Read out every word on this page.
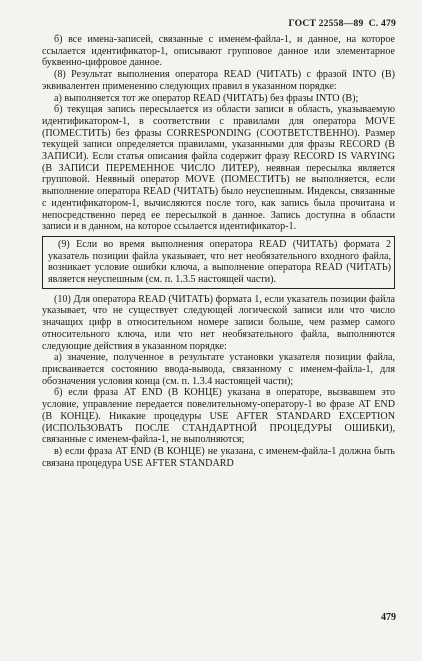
ГОСТ 22558—89 С. 479

б) все имена-записей, связанные с именем-файла-1, и данное, на которое ссылается идентификатор-1, описывают групповое данное или элементарное буквенно-цифровое данное.

(8) Результат выполнения оператора READ (ЧИТАТЬ) с фразой INTO (В) эквивалентен применению следующих правил в указанном порядке:

а) выполняется тот же оператор READ (ЧИТАТЬ) без фразы INTO (В);

б) текущая запись пересылается из области записи в область, указываемую идентификатором-1, в соответствии с правилами для оператора MOVE (ПОМЕСТИТЬ) без фразы CORRESPONDING (СООТВЕТСТВЕННО). Размер текущей записи определяется правилами, указанными для фразы RECORD (В ЗАПИСИ). Если статья описания файла содержит фразу RECORD IS VARYING (В ЗАПИСИ ПЕРЕМЕННОЕ ЧИСЛО ЛИТЕР), неявная пересылка является групповой. Неявный оператор MOVE (ПОМЕСТИТЬ) не выполняется, если выполнение оператора READ (ЧИТАТЬ) было неуспешным. Индексы, связанные с идентификатором-1, вычисляются после того, как запись была прочитана и непосредственно перед ее пересылкой в данное. Запись доступна в области записи и в данном, на которое ссылается идентификатор-1.

(9) Если во время выполнения оператора READ (ЧИТАТЬ) формата 2 указатель позиции файла указывает, что нет необязательного входного файла, возникает условие ошибки ключа, а выполнение оператора READ (ЧИТАТЬ) является неуспешным (см. п. 1.3.5 настоящей части).

(10) Для оператора READ (ЧИТАТЬ) формата 1, если указатель позиции файла указывает, что не существует следующей логической записи или что число значащих цифр в относительном номере записи больше, чем размер самого относительного ключа, или что нет необязательного файла, выполняются следующие действия в указанном порядке:

а) значение, полученное в результате установки указателя позиции файла, присваивается состоянию ввода-вывода, связанному с именем-файла-1, для обозначения условия конца (см. п. 1.3.4 настоящей части);

б) если фраза AT END (В КОНЦЕ) указана в операторе, вызвавшем это условие, управление передается повелительному-оператору-1 во фразе AT END (В КОНЦЕ). Никакие процедуры USE AFTER STANDARD EXCEPTION (ИСПОЛЬЗОВАТЬ ПОСЛЕ СТАНДАРТНОЙ ПРОЦЕДУРЫ ОШИБКИ), связанные с именем-файла-1, не выполняются;

в) если фраза AT END (В КОНЦЕ) не указана, с именем-файла-1 должна быть связана процедура USE AFTER STANDARD

479
